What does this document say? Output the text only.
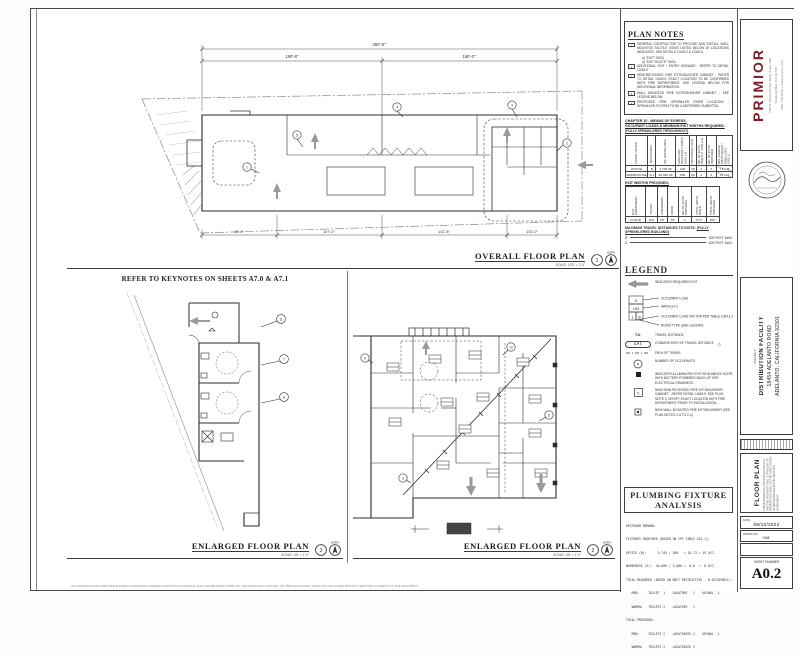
350'-8"
190'-8"	160'-0"
45'-0"	107'-0"	142'-8"	102'-0"
5
4	3
2
1
OVERALL FLOOR PLAN
SCALE: 1/32" = 1'-0"
1
NORTH
REFER TO KEYNOTES ON SHEETS A7.0 & A7.1
11
7
8
ENLARGED FLOOR PLAN
SCALE: 1/8" = 1'-0"
3
NORTH
9
12
5
3
ENLARGED FLOOR PLAN
SCALE: 1/8" = 1'-0"
2
NORTH
PLAN NOTES
1	GENERAL CONTRACTOR TO PROVIDE AND INSTALL WALL MOUNTED TACTILE SIGNS LISTED BELOW AT LOCATIONS INDICATED. SEE DETAILS 10/A9.0 & 11/A9.0:
a) "EXIT" SIGN
b) "EXIT ROUTE" SIGN
2	ADDITIONAL EXIT / ENTRY SIGNAGE - REFER TO DETAIL 12/A9.0
3	SEMI-RECESSED FIRE EXTINGUISHER CABINET - REFER TO DETAIL 13/A9.0. EXACT LOCATION TO BE CONFIRMED WITH FIRE DEPARTMENT. SEE LEGEND BELOW FOR ADDITIONAL INFORMATION
4	WALL MOUNTED FIRE EXTINGUISHER CABINET - SEE LEGEND BELOW
5	PROPOSED FIRE SPRINKLER RISER LOCATION - SPRINKLER SYSTEM TO BE A DEFERRED SUBMITTAL
CHAPTER 10 - MEANS OF EGRESS:
OCCUPANT LOADS & MINIMUM EXIT WIDTHS REQUIRED:
(FULLY SPRINKLERED THROUGHOUT)
FLOOR / SPACE	OCCUPANCY	SQ. GROSS AREA	AREA PER OCCUPANT (TABLE 1004.1.2)	OCCUPANT LOAD	NO. OF EXITS REQ'D (T. 1006.2.1)	NO. OF EXITS PROVIDED	MIN. EGRESS WIDTH REQ'D / PROV. (SEC. 1005.1)
OFFICE	B	3,745 SF	100	38	2	2	7.6 / 36
WAREHOUSE	S-1	40,000 SF	500	80	2	2	16 / 72
EXIT WIDTHS PROVIDED:
EXIT COMPONENT	STAIRS	CORRIDORS	DOOR	NO. OF EXITS PROVIDED	TOTAL WIDTH REQ'D	TOTAL WIDTH PROVIDED
FLOOR	N/A	80"	36"	4	77.6"	360"
MAXIMUM TRAVEL DISTANCES TO EXITS: (FULLY SPRINKLERED BUILDING)
B	300 FEET MAX.
S	400 FEET MAX.
LEGEND
INDICATES REQUIRED EXIT
S
150
1 B
OCCUPANT LOAD
AREA (S.F.)
OCCUPANT LOAD FACTOR PER TABLE 1004.1.2
ROOM TYPE (SEE LEGEND)
T.D.	TRAVEL DISTANCE
C.P.T.	COMMON PATH OF TRAVEL DISTANCE △
PATH OF TRAVEL
#
NUMBER OF OCCUPANTS
INDICATES ILLUMINATED EXIT SIGN ABOVE DOOR WITH BATTERY POWERED BACK-UP. SEE ELECTRICAL DRAWINGS.
F
NEW SEMI-RECESSED FIRE EXTINGUISHER CABINET - REFER DETAIL 13/A9.0. SEE PLAN NOTE 3. VERIFY EXACT LOCATION WITH FIRE DEPARTMENT PRIOR TO INSTALLATION.
NEW WALL MOUNTED FIRE EXTINGUISHER (SEE PLAN NOTES 2-A TO 2-C)
PLUMBING FIXTURE ANALYSIS

RESTROOM DEMAND:

FIXTURES REQUIRED (BASED ON CPC TABLE 422.1):

OFFICE (B):      3,745 / 200   = 18.73 = 19 OCC.

WAREHOUSE (S):  40,000 / 5,000 =  8.0  =  8 OCC.

TOTAL REQUIRED (BASED ON MOST RESTRICTIVE - B OCCUPANCY):

MEN:     TOILET  1    LAVATORY   1    URINAL  1

WOMEN:   TOILETS 2    LAVATORY   1

TOTAL PROVIDED:

MEN:     TOILETS 2    LAVATORIES 2    URINAL  1

WOMEN:   TOILETS 2    LAVATORIES 2

PRIMIOR 750 N. Diamond Bar Blvd, Suite 188 Diamond Bar, CA 91765 800.738.0970 | www.primior.com
PROJECT: DISTRIBUTION FACILITY 18454 ADELANTO ROAD ADELANTO, CALIFORNIA 92301
FLOOR PLAN THESE DRAWINGS AND SPECIFICATIONS ARE THE PROPERTY AND COPYRIGHT OF PRIMIOR AND SHALL NOT BE USED ON ANY OTHER WORK EXCEPT BY WRITTEN AGREEMENT.
DATE
08/10/2022
DRAWN BY
DM
SHEET NUMBER
A0.2
ALL DRAWINGS AND WRITTEN MATERIAL APPEARING HEREIN CONSTITUTE ORIGINAL AND UNPUBLISHED WORK OF THE ARCHITECT AND MAY NOT BE DUPLICATED, USED OR DISCLOSED WITHOUT WRITTEN CONSENT OF THE ARCHITECT.
